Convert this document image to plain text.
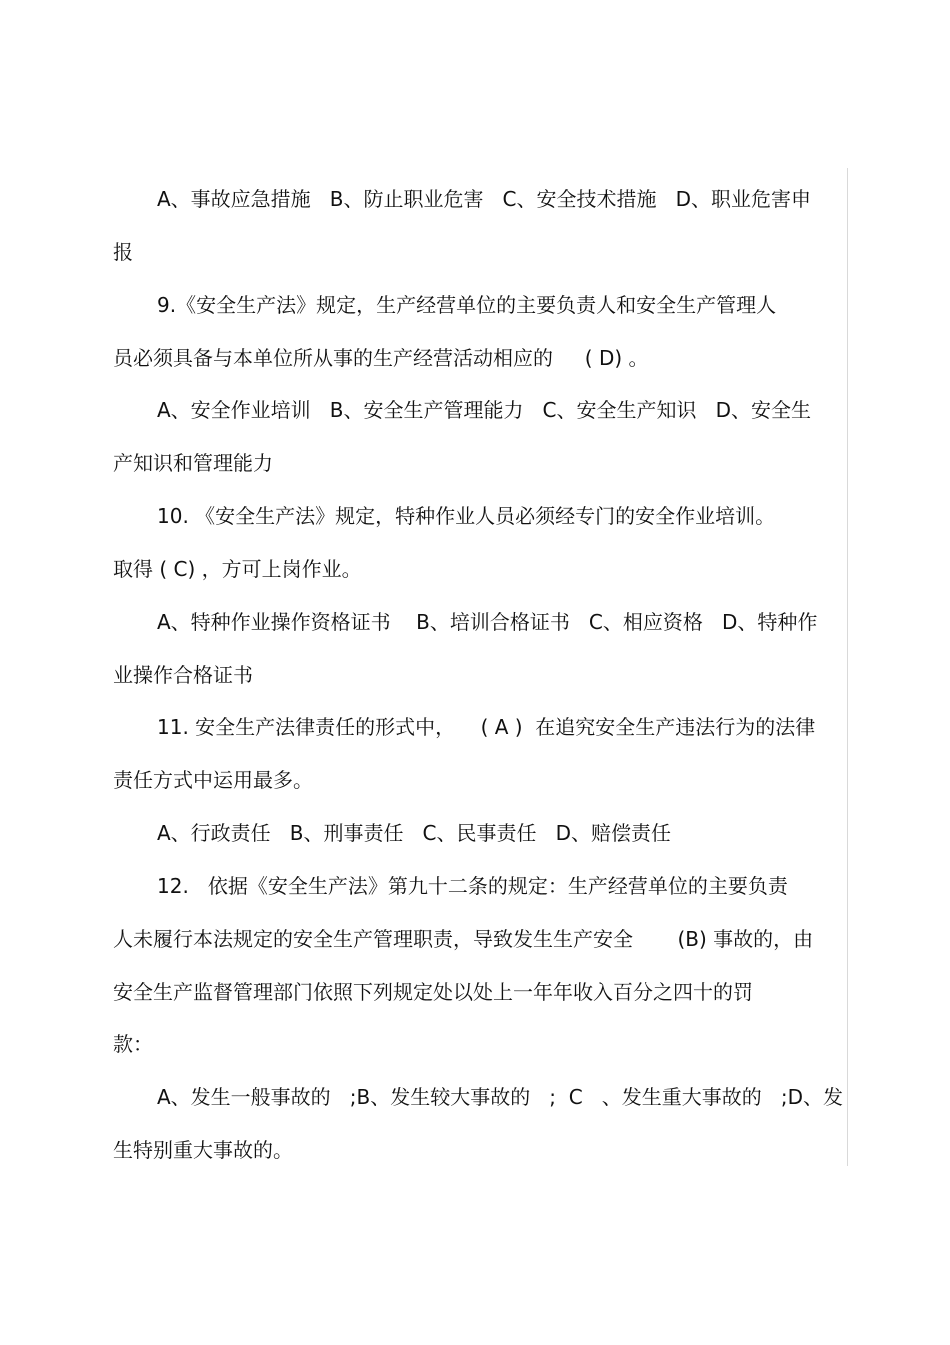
A、事故应急措施   B、防止职业危害   C、安全技术措施   D、职业危害申
报
9.《安全生产法》规定，生产经营单位的主要负责人和安全生产管理人
员必须具备与本单位所从事的生产经营活动相应的     ( D) 。
A、安全作业培训   B、安全生产管理能力   C、安全生产知识   D、安全生
产知识和管理能力
10. 《安全生产法》规定，特种作业人员必须经专门的安全作业培训。
取得 ( C) ，方可上岗作业。
A、特种作业操作资格证书    B、培训合格证书   C、相应资格   D、特种作
业操作合格证书
11. 安全生产法律责任的形式中，    ( A )  在追究安全生产违法行为的法律
责任方式中运用最多。
A、行政责任   B、刑事责任   C、民事责任   D、赔偿责任
12.   依据《安全生产法》第九十二条的规定：生产经营单位的主要负责
人未履行本法规定的安全生产管理职责，导致发生生产安全       (B) 事故的，由
安全生产监督管理部门依照下列规定处以处上一年年收入百分之四十的罚
款：
A、发生一般事故的   ;B、发生较大事故的   ;  C   、发生重大事故的   ;D、发
生特别重大事故的。
